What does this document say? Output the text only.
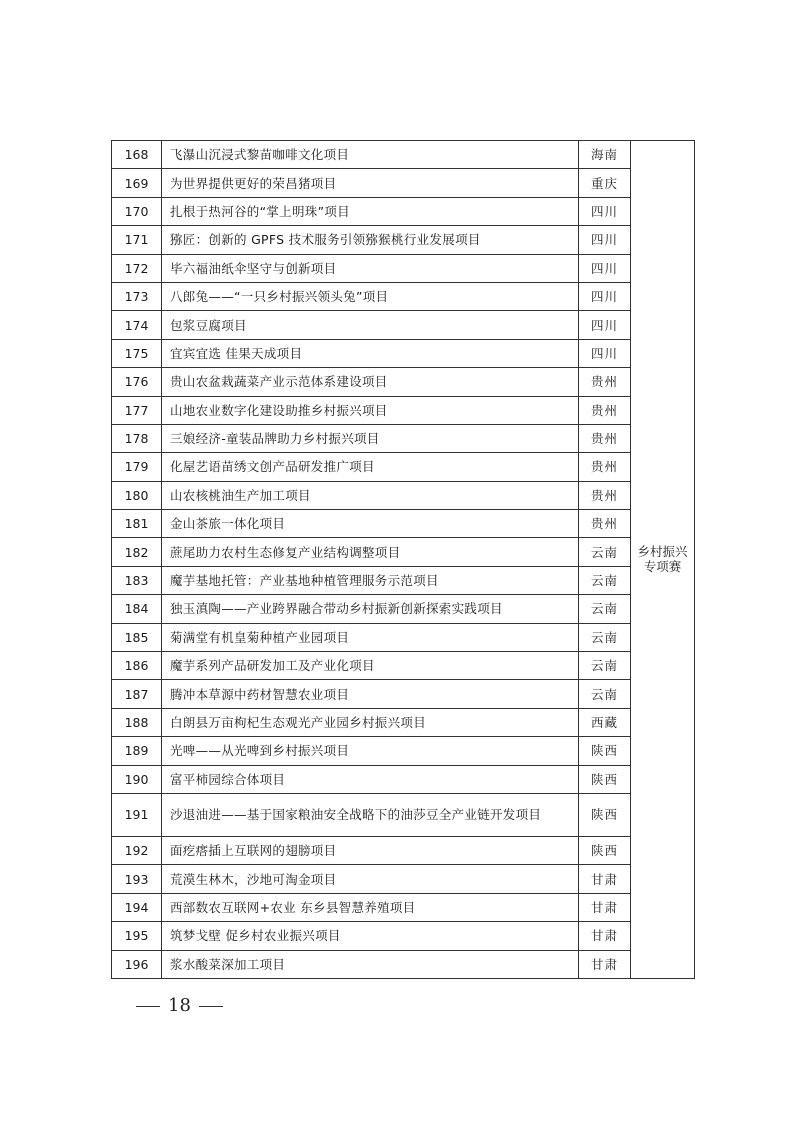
168	飞瀑山沉浸式黎苗咖啡文化项目	海南	乡村振兴专项赛
169	为世界提供更好的荣昌猪项目	重庆	
170	扎根于热河谷的“掌上明珠”项目	四川	
171	猕匠：创新的 GPFS 技术服务引领猕猴桃行业发展项目	四川	
172	毕六福油纸伞坚守与创新项目	四川	
173	八郎兔——“一只乡村振兴领头兔”项目	四川	
174	包浆豆腐项目	四川	
175	宜宾宜选 佳果天成项目	四川	
176	贵山农盆栽蔬菜产业示范体系建设项目	贵州	
177	山地农业数字化建设助推乡村振兴项目	贵州	
178	三娘经济-童装品牌助力乡村振兴项目	贵州	
179	化屋艺语苗绣文创产品研发推广项目	贵州	
180	山农核桃油生产加工项目	贵州	
181	金山茶旅一体化项目	贵州	
182	蔗尾助力农村生态修复产业结构调整项目	云南	
183	魔芋基地托管：产业基地种植管理服务示范项目	云南	
184	独玉滇陶——产业跨界融合带动乡村振新创新探索实践项目	云南	
185	菊满堂有机皇菊种植产业园项目	云南	
186	魔芋系列产品研发加工及产业化项目	云南	
187	腾冲本草源中药材智慧农业项目	云南	
188	白朗县万亩枸杞生态观光产业园乡村振兴项目	西藏	
189	光啤——从光啤到乡村振兴项目	陕西	
190	富平柿园综合体项目	陕西	
191	沙退油进——基于国家粮油安全战略下的油莎豆全产业链开发项目	陕西	
192	面疙瘩插上互联网的翅膀项目	陕西	
193	荒漠生林木，沙地可淘金项目	甘肃	
194	西部数农互联网+农业 东乡县智慧养殖项目	甘肃	
195	筑梦戈壁 促乡村农业振兴项目	甘肃	
196	浆水酸菜深加工项目	甘肃	
18
